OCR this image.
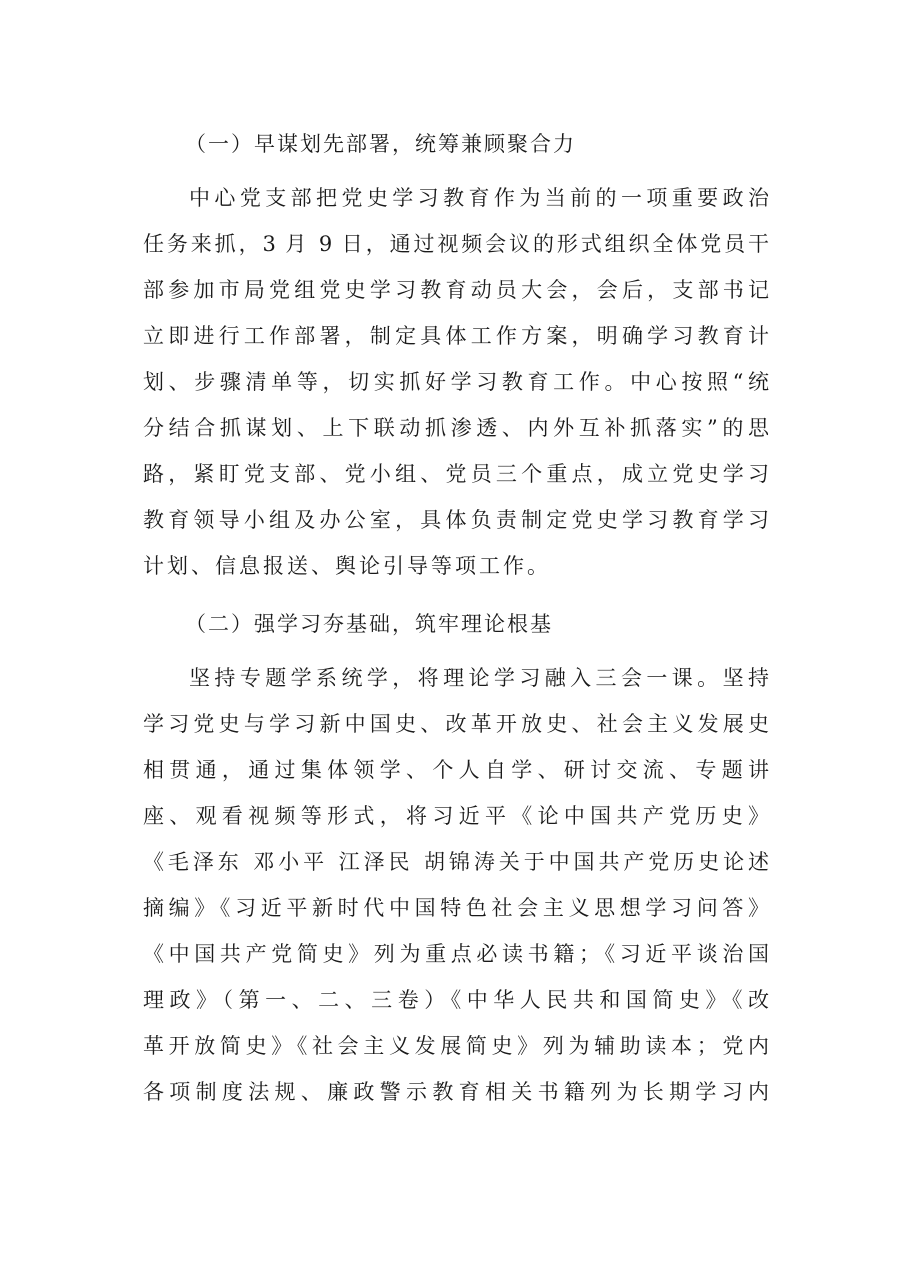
（一）早谋划先部署，统筹兼顾聚合力
中心党支部把党史学习教育作为当前的一项重要政治
任务来抓，3 月 9 日，通过视频会议的形式组织全体党员干
部参加市局党组党史学习教育动员大会，会后，支部书记
立即进行工作部署，制定具体工作方案，明确学习教育计
划、步骤清单等，切实抓好学习教育工作。中心按照“统
分结合抓谋划、上下联动抓渗透、内外互补抓落实”的思
路，紧盯党支部、党小组、党员三个重点，成立党史学习
教育领导小组及办公室，具体负责制定党史学习教育学习
计划、信息报送、舆论引导等项工作。
（二）强学习夯基础，筑牢理论根基
坚持专题学系统学，将理论学习融入三会一课。坚持
学习党史与学习新中国史、改革开放史、社会主义发展史
相贯通，通过集体领学、个人自学、研讨交流、专题讲
座、观看视频等形式，将习近平《论中国共产党历史》
《毛泽东 邓小平 江泽民 胡锦涛关于中国共产党历史论述
摘编》《习近平新时代中国特色社会主义思想学习问答》
《中国共产党简史》列为重点必读书籍；《习近平谈治国
理政》（第一、二、三卷）《中华人民共和国简史》《改
革开放简史》《社会主义发展简史》列为辅助读本；党内
各项制度法规、廉政警示教育相关书籍列为长期学习内
